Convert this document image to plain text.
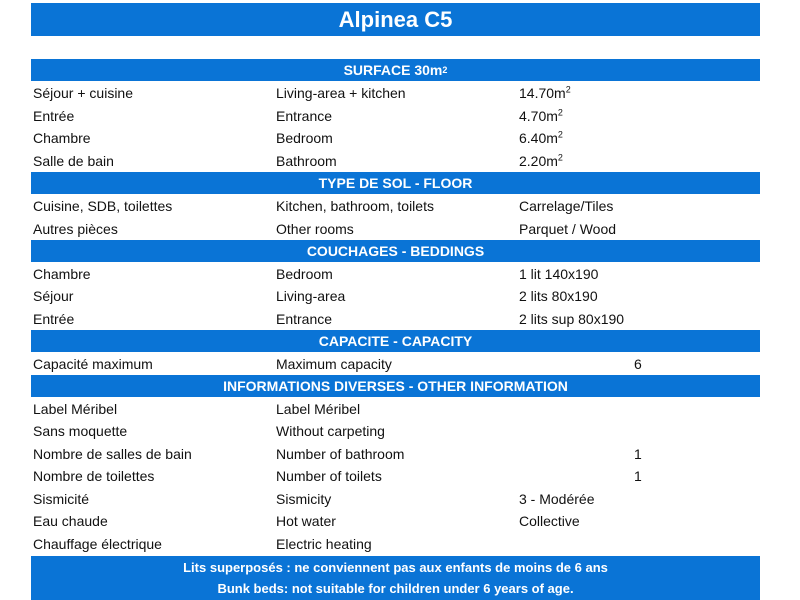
Alpinea C5
SURFACE 30m 2
Séjour + cuisine	Living-area + kitchen	$14.70m^2$
Entrée	Entrance	$4.70m^2$
Chambre	Bedroom	$6.40m^2$
Salle de bain	Bathroom	$2.20m^2$
TYPE DE SOL - FLOOR
Cuisine, SDB, toilettes	Kitchen, bathroom, toilets	Carrelage/Tiles
Autres pièces	Other rooms	Parquet / Wood
COUCHAGES - BEDDINGS
Chambre	Bedroom	1 lit 140x190
Séjour	Living-area	2 lits 80x190
Entrée	Entrance	2 lits sup 80x190
CAPACITE - CAPACITY
Capacité maximum	Maximum capacity	6
INFORMATIONS DIVERSES - OTHER INFORMATION
Label Méribel	Label Méribel
Sans moquette	Without carpeting
Nombre de salles de bain	Number of bathroom	1
Nombre de toilettes	Number of toilets	1
Sismicité	Sismicity	3 - Modérée
Eau chaude	Hot water	Collective
Chauffage électrique	Electric heating
Lits superposés : ne conviennent pas aux enfants de moins de 6 ans
Bunk beds: not suitable for children under 6 years of age.
